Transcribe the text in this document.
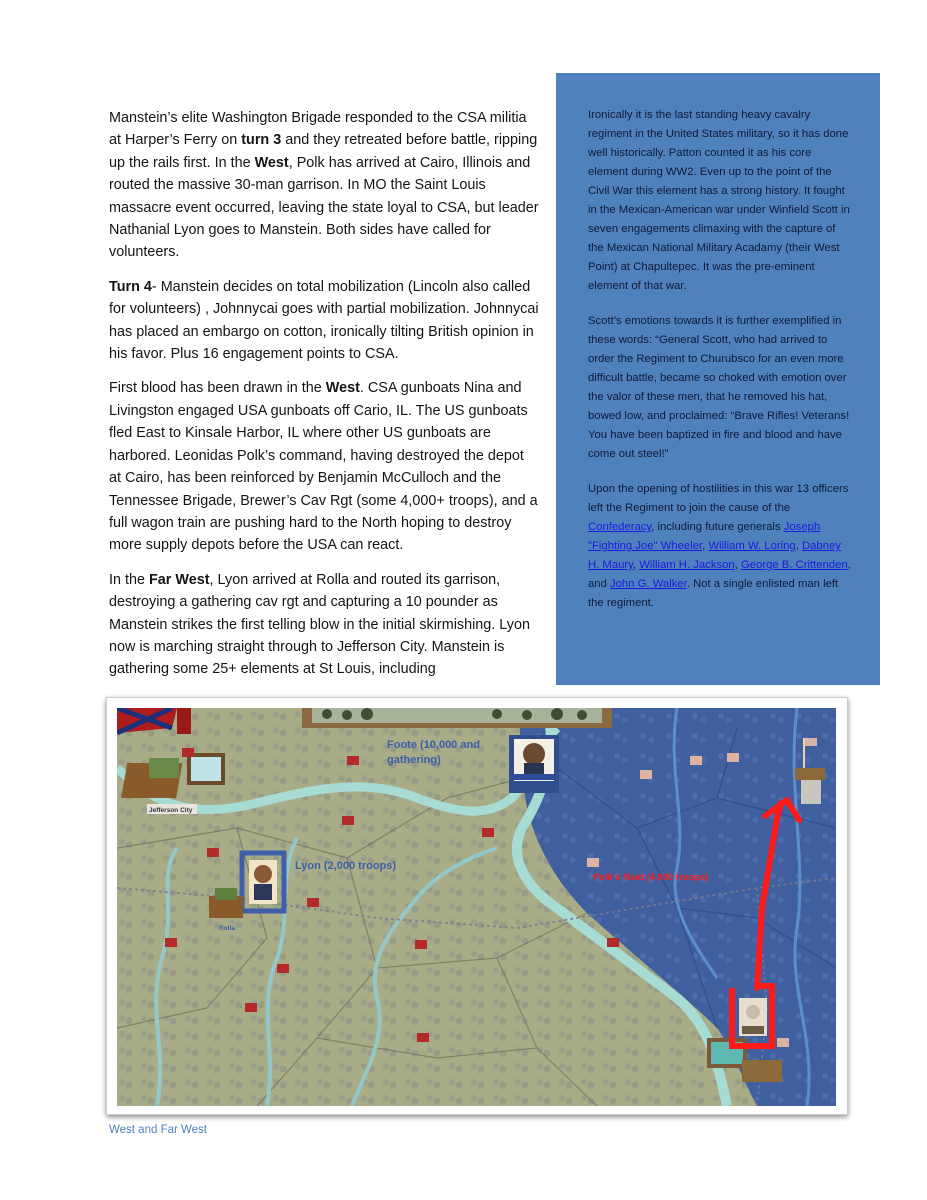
Manstein’s elite Washington Brigade responded to the CSA militia at Harper’s Ferry on turn 3 and they retreated before battle, ripping up the rails first. In the West, Polk has arrived at Cairo, Illinois and routed the massive 30-man garrison. In MO the Saint Louis massacre event occurred, leaving the state loyal to CSA, but leader Nathanial Lyon goes to Manstein. Both sides have called for volunteers.

Turn 4- Manstein decides on total mobilization (Lincoln also called for volunteers) , Johnnycai goes with partial mobilization. Johnnycai has placed an embargo on cotton, ironically tilting British opinion in his favor. Plus 16 engagement points to CSA.

First blood has been drawn in the West. CSA gunboats Nina and Livingston engaged USA gunboats off Cario, IL. The US gunboats fled East to Kinsale Harbor, IL where other US gunboats are harbored. Leonidas Polk’s command, having destroyed the depot at Cairo, has been reinforced by Benjamin McCulloch and the Tennessee Brigade, Brewer’s Cav Rgt (some 4,000+ troops), and a full wagon train are pushing hard to the North hoping to destroy more supply depots before the USA can react.

In the Far West, Lyon arrived at Rolla and routed its garrison, destroying a gathering cav rgt and capturing a 10 pounder as Manstein strikes the first telling blow in the initial skirmishing. Lyon now is marching straight through to Jefferson City. Manstein is gathering some 25+ elements at St Louis, including

Ironically it is the last standing heavy cavalry regiment in the United States military, so it has done well historically. Patton counted it as his core element during WW2. Even up to the point of the Civil War this element has a strong history. It fought in the Mexican-American war under Winfield Scott in seven engagements climaxing with the capture of the Mexican National Military Acadamy (their West Point) at Chapultepec. It was the pre-eminent element of that war.

Scott’s emotions towards it is further exemplified in these words: “General Scott, who had arrived to order the Regiment to Churubsco for an even more difficult battle, became so choked with emotion over the valor of these men, that he removed his hat, bowed low, and proclaimed: “Brave Rifles! Veterans! You have been baptized in fire and blood and have come out steel!”

Upon the opening of hostilities in this war 13 officers left the Regiment to join the cause of the Confederacy, including future generals Joseph "Fighting Joe" Wheeler, William W. Loring, Dabney H. Maury, William H. Jackson, George B. Crittenden, and John G. Walker. Not a single enlisted man left the regiment.

Jefferson City
Foote (10,000 and
gathering)
Rolla
Lyon (2,000 troops)
Polk's Raid (4,000 troops)
West and Far West
